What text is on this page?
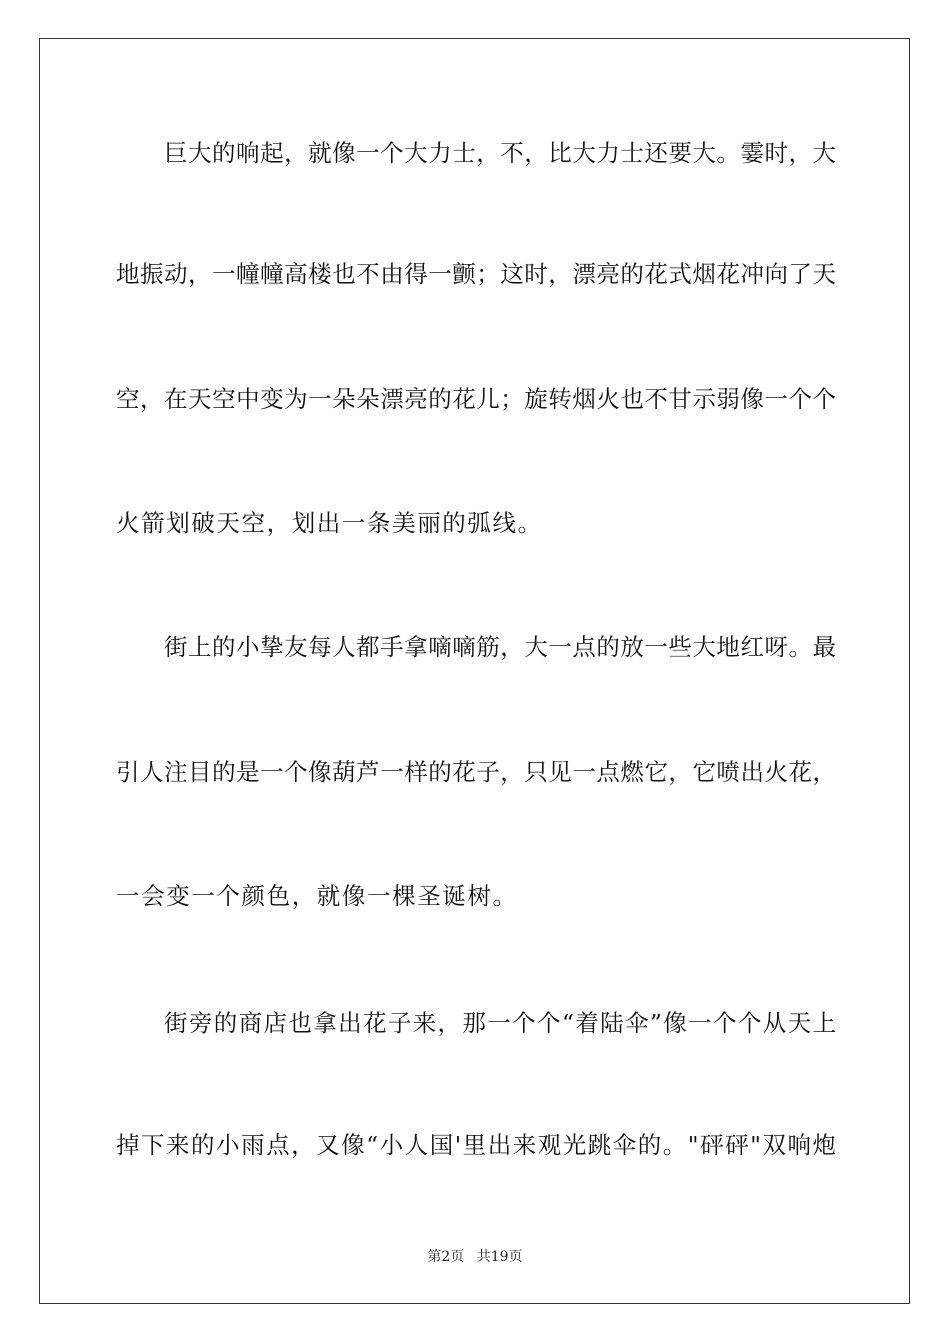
巨大的响起，就像一个大力士，不，比大力士还要大。霎时，大
地振动，一幢幢高楼也不由得一颤；这时，漂亮的花式烟花冲向了天
空，在天空中变为一朵朵漂亮的花儿；旋转烟火也不甘示弱像一个个
火箭划破天空，划出一条美丽的弧线。
街上的小挚友每人都手拿嘀嘀筋，大一点的放一些大地红呀。最
引人注目的是一个像葫芦一样的花子，只见一点燃它，它喷出火花，
一会变一个颜色，就像一棵圣诞树。
街旁的商店也拿出花子来，那一个个“着陆伞”像一个个从天上
掉下来的小雨点，又像“小人国'里出来观光跳伞的。"砰砰"双响炮
第2页 共19页
